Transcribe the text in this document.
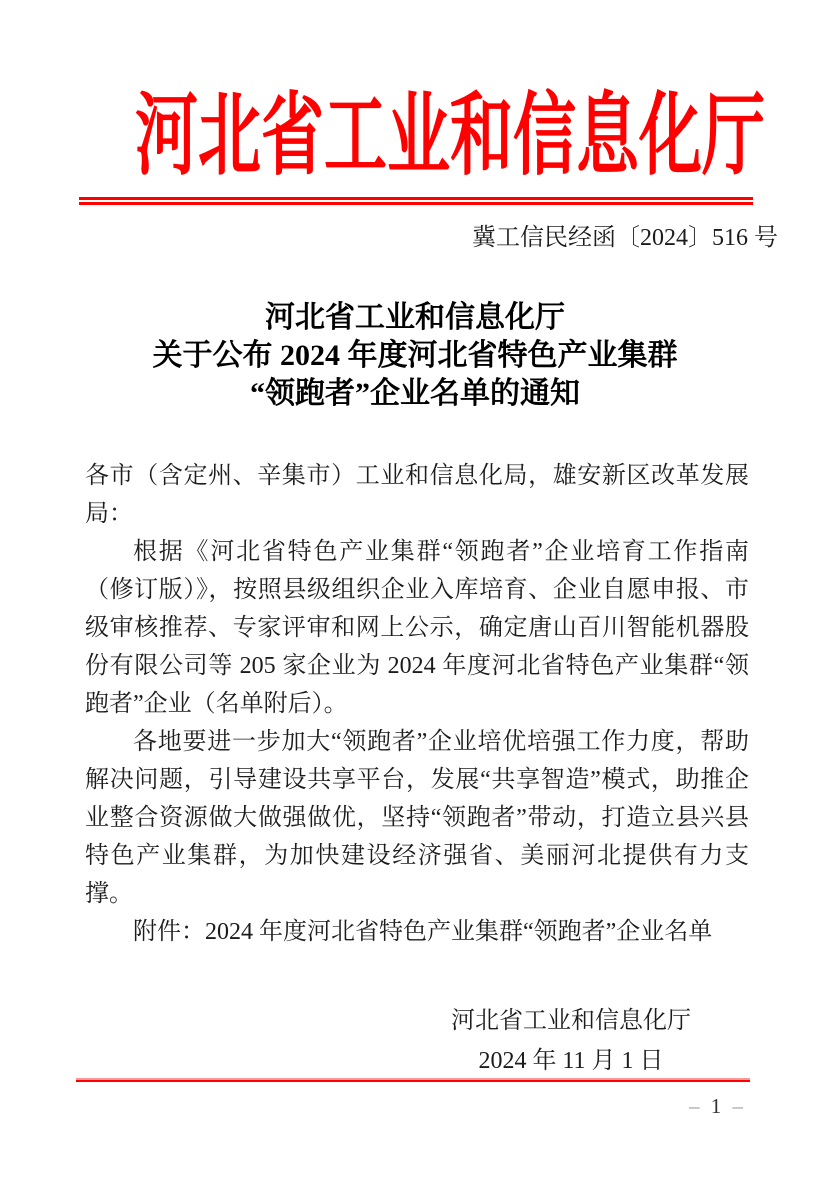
河北省工业和信息化厅
冀工信民经函〔2024〕516 号
河北省工业和信息化厅
关于公布 2024 年度河北省特色产业集群
“领跑者”企业名单的通知

各市（含定州、辛集市）工业和信息化局，雄安新区改革发展局：

根据《河北省特色产业集群“领跑者”企业培育工作指南（修订版）》，按照县级组织企业入库培育、企业自愿申报、市级审核推荐、专家评审和网上公示，确定唐山百川智能机器股份有限公司等 205 家企业为 2024 年度河北省特色产业集群“领跑者”企业（名单附后）。

各地要进一步加大“领跑者”企业培优培强工作力度，帮助解决问题，引导建设共享平台，发展“共享智造”模式，助推企业整合资源做大做强做优，坚持“领跑者”带动，打造立县兴县特色产业集群，为加快建设经济强省、美丽河北提供有力支撑。

附件：2024 年度河北省特色产业集群“领跑者”企业名单

河北省工业和信息化厅
2024 年 11 月 1 日
– 1 –
